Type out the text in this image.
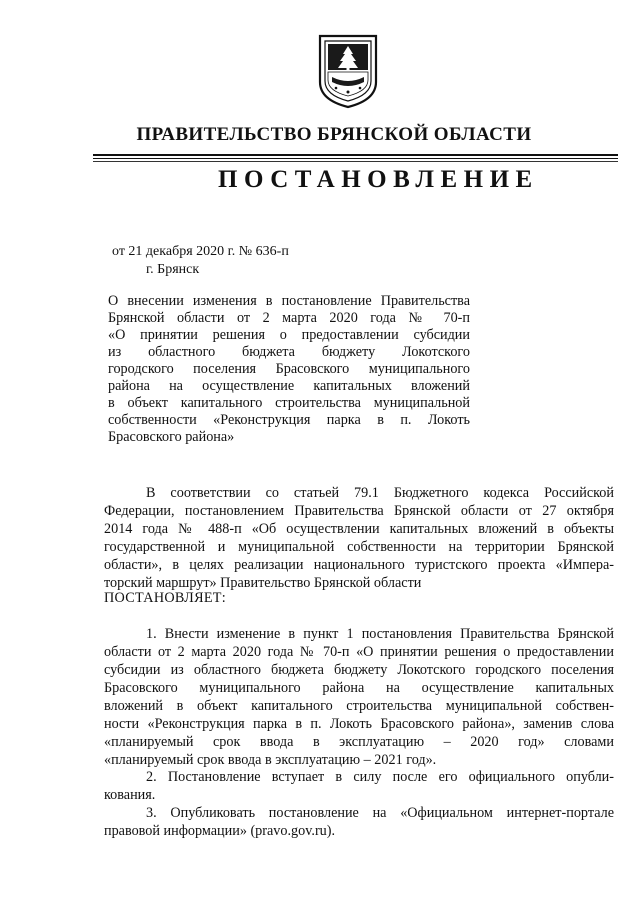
ПРАВИТЕЛЬСТВО БРЯНСКОЙ ОБЛАСТИ
ПОСТАНОВЛЕНИЕ
от 21 декабря 2020 г. № 636-п
г. Брянск
О внесении изменения в постановление Правительства
Брянской области от 2 марта 2020 года № 70-п
«О принятии решения о предоставлении субсидии
из областного бюджета бюджету Локотского
городского поселения Брасовского муниципального
района на осуществление капитальных вложений
в объект капитального строительства муниципальной
собственности «Реконструкция парка в п. Локоть
Брасовского района»
В соответствии со статьей 79.1 Бюджетного кодекса Российской
Федерации, постановлением Правительства Брянской области от 27 октября
2014 года № 488-п «Об осуществлении капитальных вложений в объекты
государственной и муниципальной собственности на территории Брянской
области», в целях реализации национального туристского проекта «Импера-
торский маршрут» Правительство Брянской области
ПОСТАНОВЛЯЕТ:
1. Внести изменение в пункт 1 постановления Правительства Брянской
области от 2 марта 2020 года № 70-п «О принятии решения о предоставлении
субсидии из областного бюджета бюджету Локотского городского поселения
Брасовского муниципального района на осуществление капитальных
вложений в объект капитального строительства муниципальной собствен-
ности «Реконструкция парка в п. Локоть Брасовского района», заменив слова
«планируемый срок ввода в эксплуатацию – 2020 год» словами
«планируемый срок ввода в эксплуатацию – 2021 год».
2. Постановление вступает в силу после его официального опубли-
кования.
3. Опубликовать постановление на «Официальном интернет-портале
правовой информации» (pravo.gov.ru).
